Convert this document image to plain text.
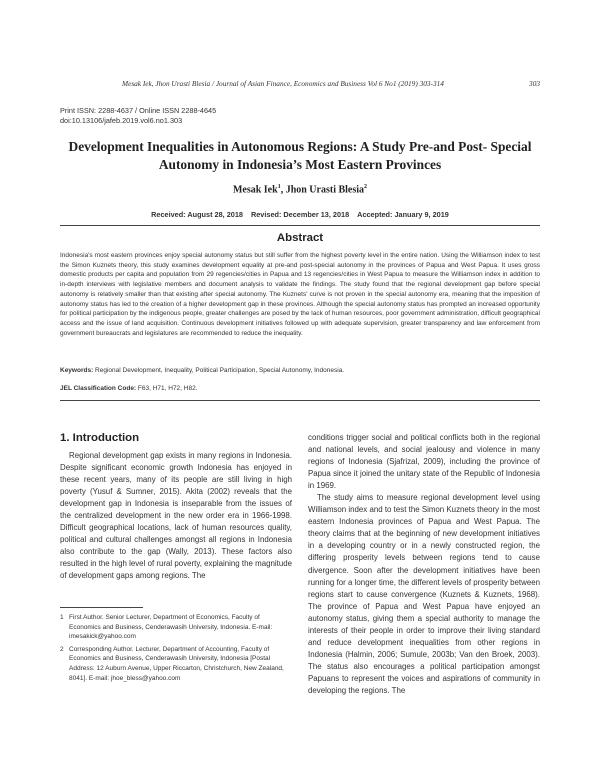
Mesak Iek, Jhon Urasti Blesia / Journal of Asian Finance, Economics and Business Vol 6 No1 (2019) 303-314	303
Print ISSN: 2288-4637 / Online ISSN 2288-4645
doi:10.13106/jafeb.2019.vol6.no1.303
Development Inequalities in Autonomous Regions: A Study Pre-and Post- Special
Autonomy in Indonesia’s Most Eastern Provinces
Mesak Iek$^1$, Jhon Urasti Blesia$^2$
Received: August 28, 2018 Revised: December 13, 2018 Accepted: January 9, 2019
Abstract
Indonesia's most eastern provinces enjoy special autonomy status but still suffer from the highest poverty level in the entire nation. Using the Williamson index to test the Simon Kuznets theory, this study examines development equality at pre-and post-special autonomy in the provinces of Papua and West Papua. It uses gross domestic products per capita and population from 29 regencies/cities in Papua and 13 regencies/cities in West Papua to measure the Williamson index in addition to in-depth interviews with legislative members and document analysis to validate the findings. The study found that the regional development gap before special autonomy is relatively smaller than that existing after special autonomy. The Kuznets' curve is not proven in the special autonomy era, meaning that the imposition of autonomy status has led to the creation of a higher development gap in these provinces. Although the special autonomy status has prompted an increased opportunity for political participation by the indigenous people, greater challenges are posed by the lack of human resources, poor government administration, difficult geographical access and the issue of land acquisition. Continuous development initiatives followed up with adequate supervision, greater transparency and law enforcement from government bureaucrats and legislatures are recommended to reduce the inequality.
Keywords: Regional Development, Inequality, Political Participation, Special Autonomy, Indonesia.
JEL Classification Code: F63, H71, H72, H82.
1. Introduction

Regional development gap exists in many regions in Indonesia. Despite significant economic growth Indonesia has enjoyed in these recent years, many of its people are still living in high poverty (Yusuf & Sumner, 2015). Akita (2002) reveals that the development gap in Indonesia is inseparable from the issues of the centralized development in the new order era in 1966-1998. Difficult geographical locations, lack of human resources quality, political and cultural challenges amongst all regions in Indonesia also contribute to the gap (Wally, 2013). These factors also resulted in the high level of rural poverty, explaining the magnitude of development gaps among regions. The

conditions trigger social and political conflicts both in the regional and national levels, and social jealousy and violence in many regions of Indonesia (Sjafrizal, 2009), including the province of Papua since it joined the unitary state of the Republic of Indonesia in 1969.

The study aims to measure regional development level using Williamson index and to test the Simon Kuznets theory in the most eastern Indonesia provinces of Papua and West Papua. The theory claims that at the beginning of new development initiatives in a developing country or in a newly constructed region, the differing prosperity levels between regions tend to cause divergence. Soon after the development initiatives have been running for a longer time, the different levels of prosperity between regions start to cause convergence (Kuznets & Kuznets, 1968). The province of Papua and West Papua have enjoyed an autonomy status, giving them a special authority to manage the interests of their people in order to improve their living standard and reduce development inequalities from other regions in Indonesia (Halmin, 2006; Sumule, 2003b; Van den Broek, 2003). The status also encourages a political participation amongst Papuans to represent the voices and aspirations of community in developing the regions. The

1 First Author. Senior Lecturer, Department of Economics, Faculty of Economics and Business, Cenderawasih University, Indonesia. E-mail: imesakick@yahoo.com
2 Corresponding Author. Lecturer, Department of Accounting, Faculty of Economics and Business, Cenderawasih University, Indonesia [Postal Address: 12 Auburn Avenue, Upper Riccarton, Christchurch, New Zealand, 8041]. E-mail: jhoe_bless@yahoo.com
